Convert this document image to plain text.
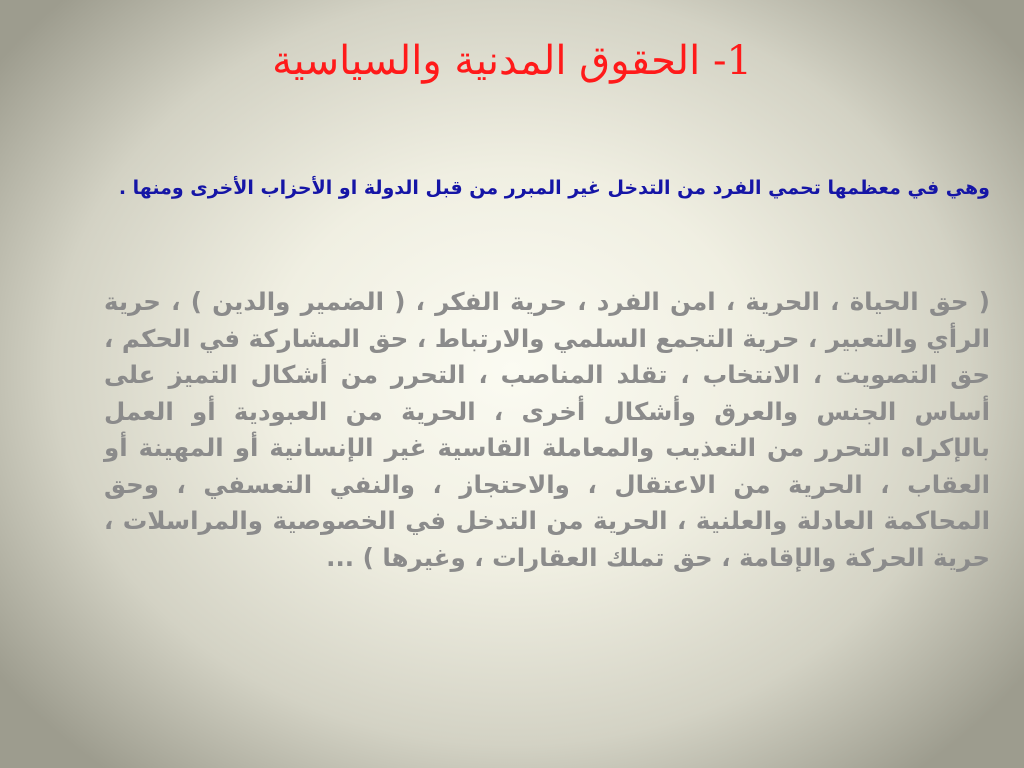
1- الحقوق المدنية والسياسية
وهي في معظمها تحمي الفرد من التدخل غير المبرر من قبل الدولة او الأحزاب الأخرى ومنها .
( حق الحياة ، الحرية ، امن الفرد ، حرية الفكر ، ( الضمير والدين ) ، حرية الرأي والتعبير ، حرية التجمع السلمي والارتباط ، حق المشاركة في الحكم ، حق التصويت ، الانتخاب ، تقلد المناصب ، التحرر من أشكال التميز على أساس الجنس والعرق وأشكال أخرى ، الحرية من العبودية أو العمل بالإكراه التحرر من التعذيب والمعاملة القاسية غير الإنسانية أو المهينة أو العقاب ، الحرية من الاعتقال ، والاحتجاز ، والنفي التعسفي ، وحق المحاكمة العادلة والعلنية ، الحرية من التدخل في الخصوصية والمراسلات ، حرية الحركة والإقامة ، حق تملك العقارات ، وغيرها ) ...
